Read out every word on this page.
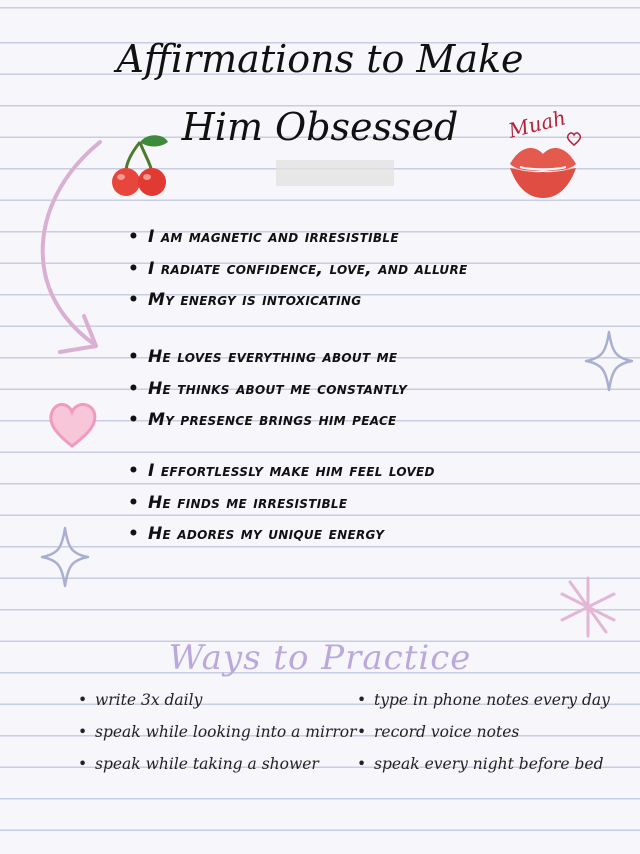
Affirmations to Make
Him Obsessed	Muah
• I am magnetic and irresistible
• I radiate confidence, love, and allure
• My energy is intoxicating
• He loves everything about me
• He thinks about me constantly
• My presence brings him peace
• I effortlessly make him feel loved
• He finds me irresistible
• He adores my unique energy
Ways to Practice
• write 3x daily
• speak while looking into a mirror
• speak while taking a shower
• type in phone notes every day
• record voice notes
• speak every night before bed
